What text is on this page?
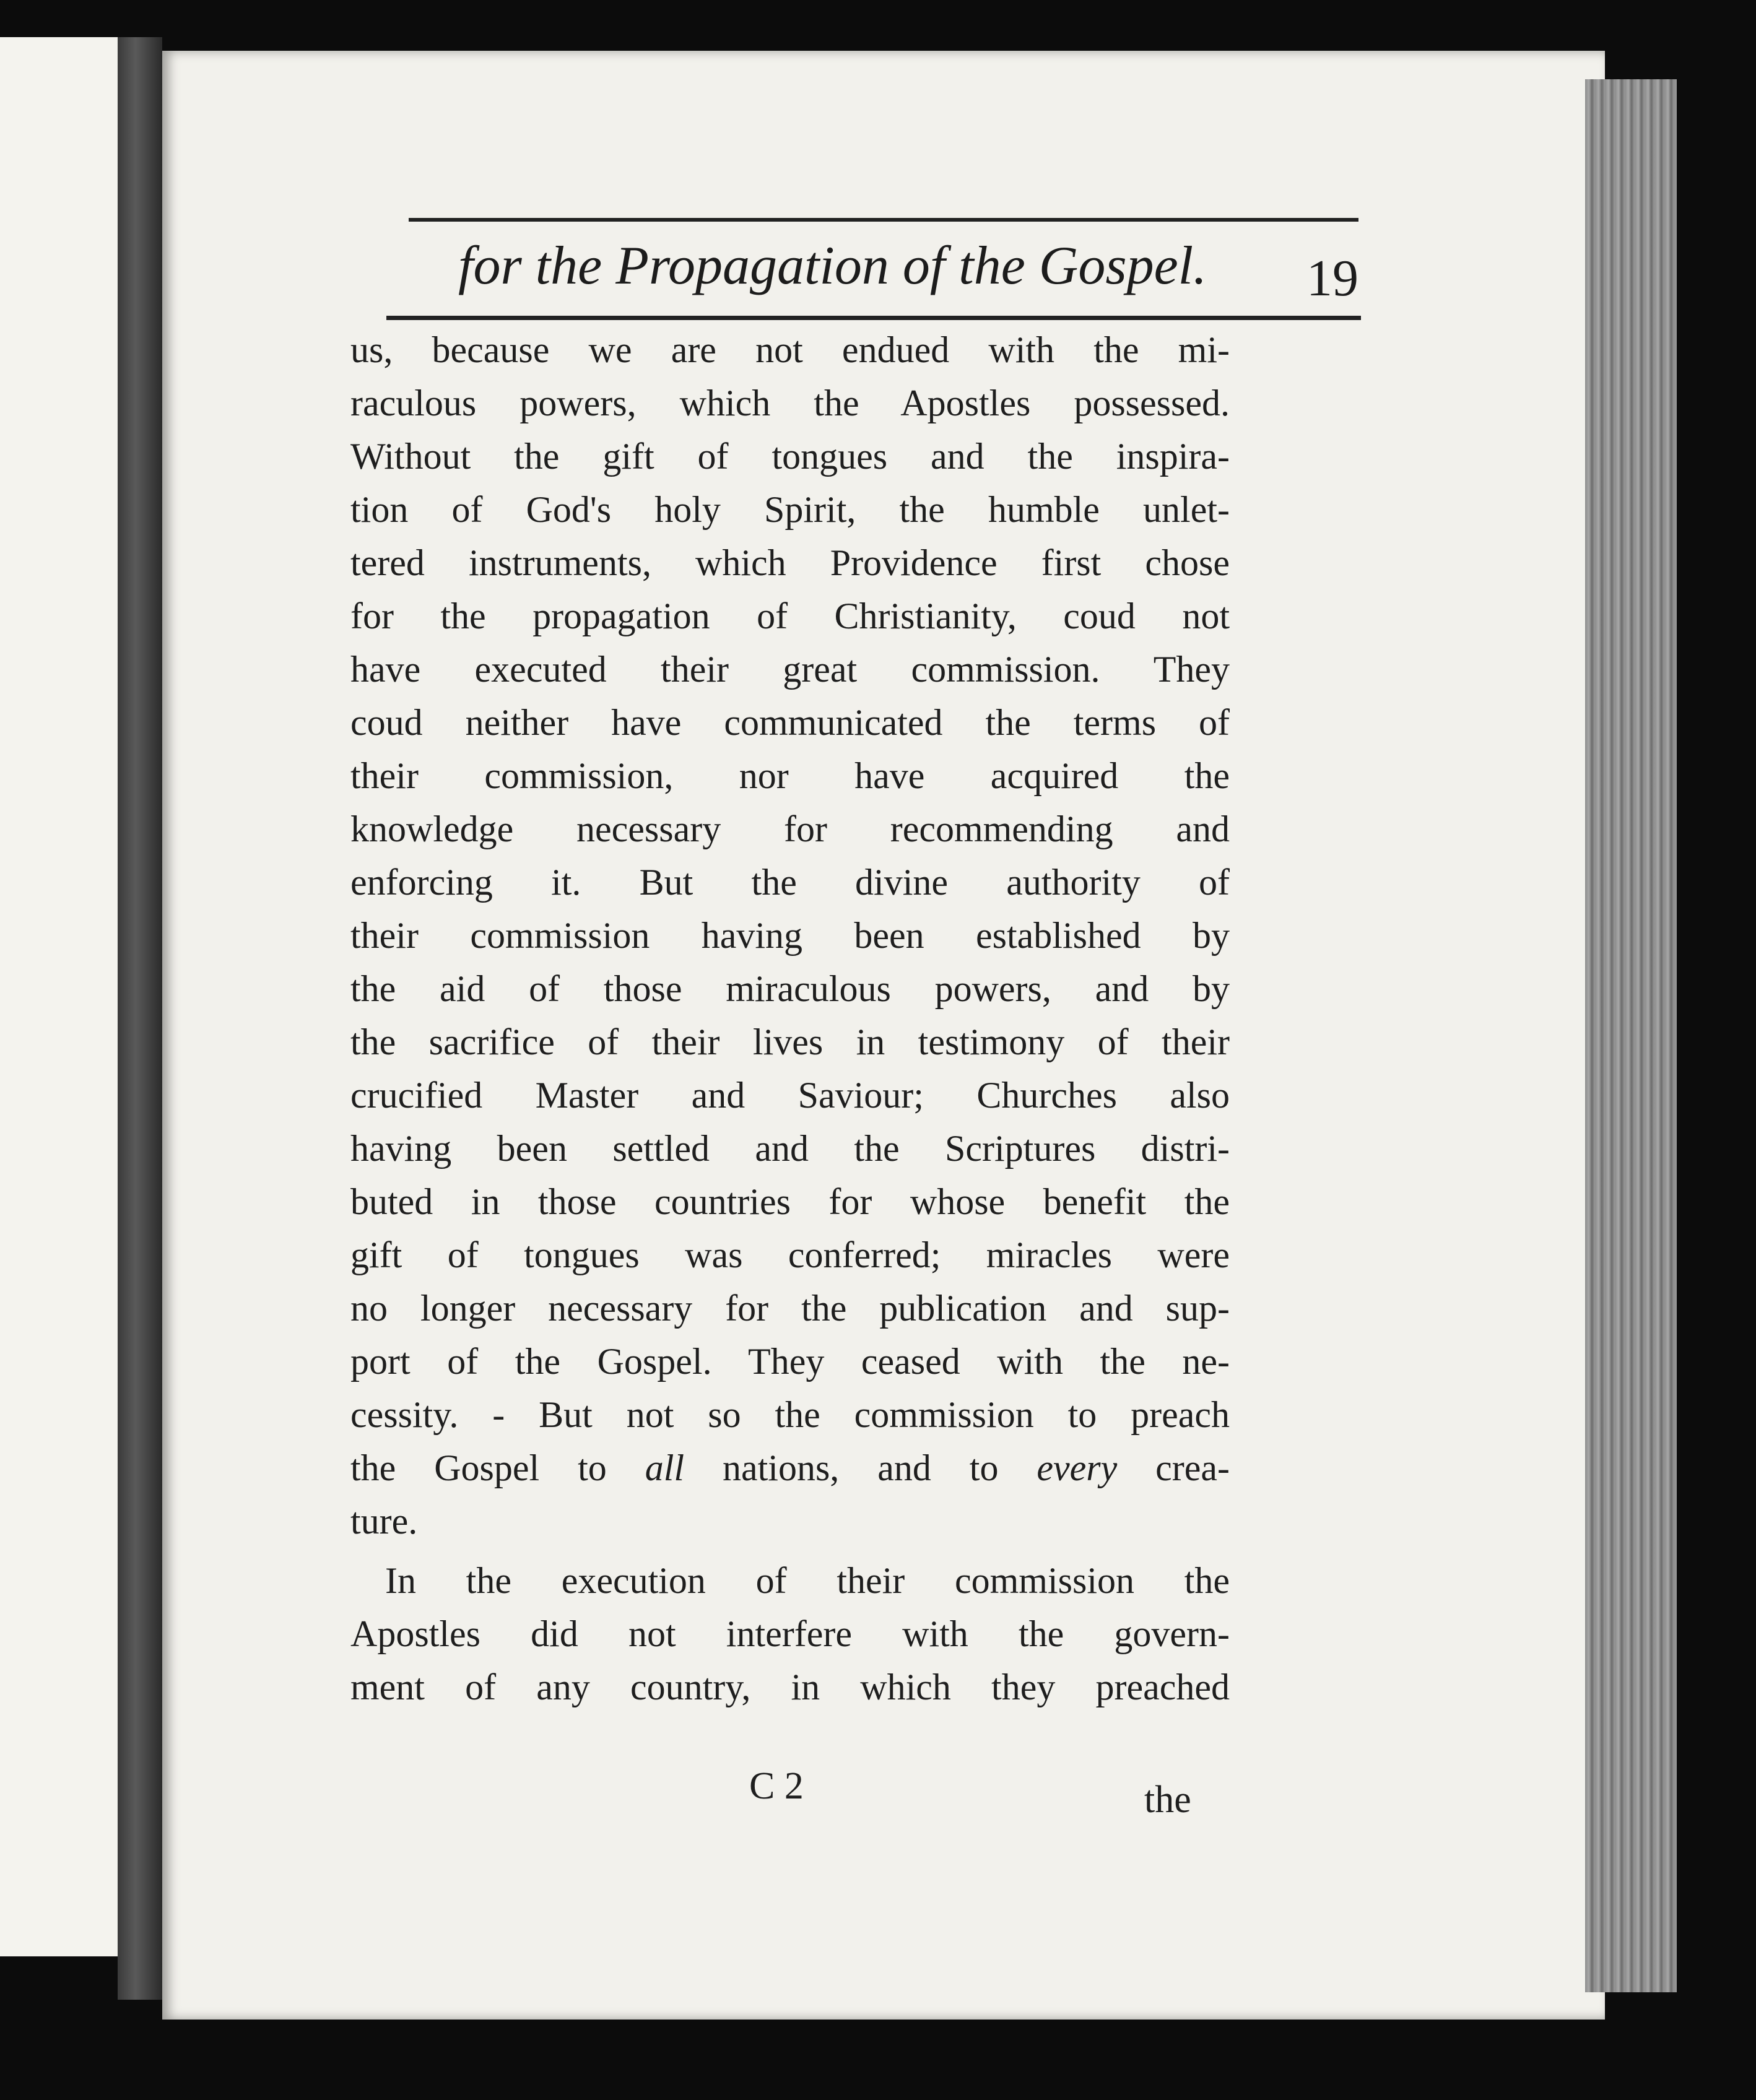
for the Propagation of the Gospel. 19
us, because we are not endued with the mi-
raculous powers, which the Apostles possessed.
Without the gift of tongues and the inspira-
tion of God's holy Spirit, the humble unlet-
tered instruments, which Providence first chose
for the propagation of Christianity, coud not
have executed their great commission. They
coud neither have communicated the terms of
their commission, nor have acquired the
knowledge necessary for recommending and
enforcing it. But the divine authority of
their commission having been established by
the aid of those miraculous powers, and by
the sacrifice of their lives in testimony of their
crucified Master and Saviour; Churches also
having been settled and the Scriptures distri-
buted in those countries for whose benefit the
gift of tongues was conferred; miracles were
no longer necessary for the publication and sup-
port of the Gospel. They ceased with the ne-
cessity. - But not so the commission to preach
the Gospel to all nations, and to every crea-
ture.
In the execution of their commission the
Apostles did not interfere with the govern-
ment of any country, in which they preached
C 2	the
